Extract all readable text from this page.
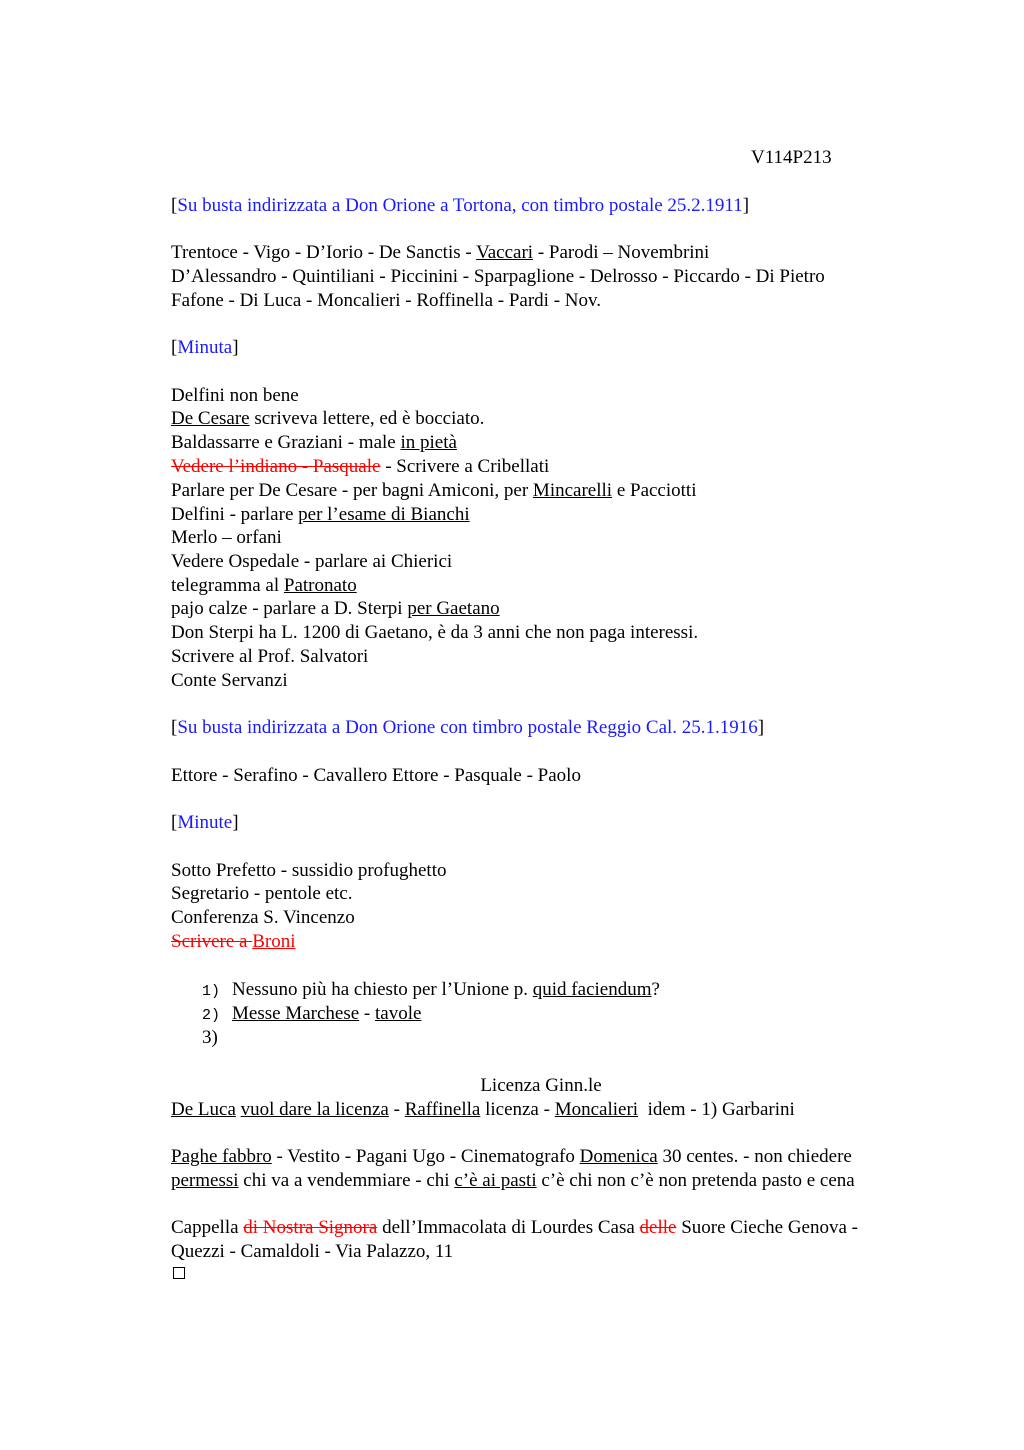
V114P213
[Su busta indirizzata a Don Orione a Tortona, con timbro postale 25.2.1911]
Trentoce - Vigo - D’Iorio - De Sanctis - Vaccari - Parodi – Novembrini
D’Alessandro - Quintiliani - Piccinini - Sparpaglione - Delrosso - Piccardo - Di Pietro
Fafone - Di Luca - Moncalieri - Roffinella - Pardi - Nov.
[Minuta]
Delfini non bene
De Cesare scriveva lettere, ed è bocciato.
Baldassarre e Graziani - male in pietà
Vedere l’indiano - Pasquale - Scrivere a Cribellati
Parlare per De Cesare - per bagni Amiconi, per Mincarelli e Pacciotti
Delfini - parlare per l’esame di Bianchi
Merlo – orfani
Vedere Ospedale - parlare ai Chierici
telegramma al Patronato
pajo calze - parlare a D. Sterpi per Gaetano
Don Sterpi ha L. 1200 di Gaetano, è da 3 anni che non paga interessi.
Scrivere al Prof. Salvatori
Conte Servanzi
[Su busta indirizzata a Don Orione con timbro postale Reggio Cal. 25.1.1916]
Ettore - Serafino - Cavallero Ettore - Pasquale - Paolo
[Minute]
Sotto Prefetto - sussidio profughetto
Segretario - pentole etc.
Conferenza S. Vincenzo
Scrivere a Broni
1) Nessuno più ha chiesto per l’Unione p. quid faciendum?
2) Messe Marchese - tavole
3)
Licenza Ginn.le
De Luca vuol dare la licenza - Raffinella licenza - Moncalieri  idem - 1) Garbarini
Paghe fabbro - Vestito - Pagani Ugo - Cinematografo Domenica 30 centes. - non chiedere
permessi chi va a vendemmiare - chi c’è ai pasti c’è chi non c’è non pretenda pasto e cena
Cappella di Nostra Signora dell’Immacolata di Lourdes Casa delle Suore Cieche Genova -
Quezzi - Camaldoli - Via Palazzo, 11
